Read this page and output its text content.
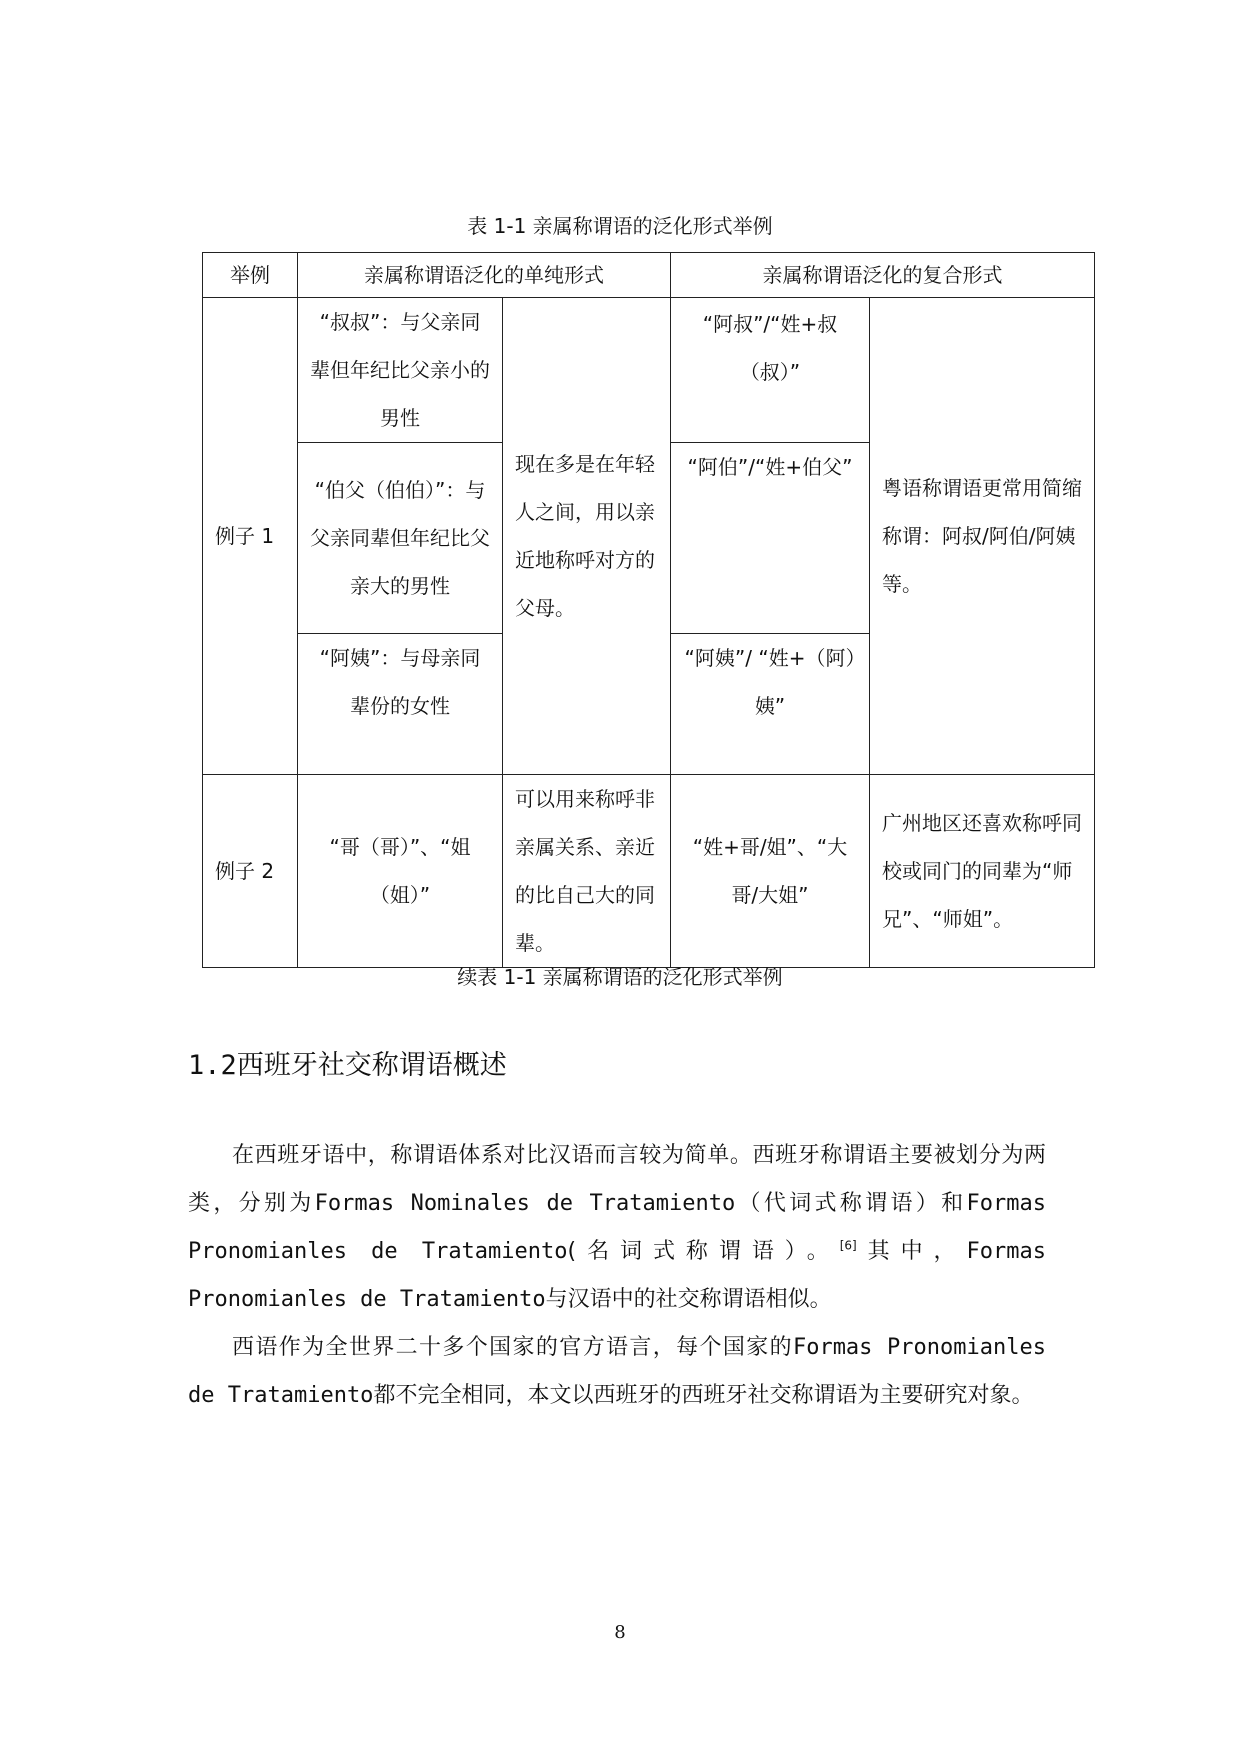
表 1-1 亲属称谓语的泛化形式举例
举例	亲属称谓语泛化的单纯形式		亲属称谓语泛化的复合形式	
例子 1	“叔叔”：与父亲同辈但年纪比父亲小的男性	现在多是在年轻人之间，用以亲近地称呼对方的父母。	“阿叔”/“姓+叔（叔）”	粤语称谓语更常用简缩称谓：阿叔/阿伯/阿姨等。
	“伯父（伯伯）”：与父亲同辈但年纪比父亲大的男性		“阿伯”/“姓+伯父”	
	“阿姨”：与母亲同辈份的女性		“阿姨”/ “姓+（阿）姨”	
例子 2	“哥（哥）”、“姐（姐）”	可以用来称呼非亲属关系、亲近的比自己大的同辈。	“姓+哥/姐”、“大哥/大姐”	广州地区还喜欢称呼同校或同门的同辈为“师兄”、“师姐”。
续表 1-1 亲属称谓语的泛化形式举例
1.2西班牙社交称谓语概述

在西班牙语中，称谓语体系对比汉语而言较为简单。西班牙称谓语主要被划分为两类，分别为Formas Nominales de Tratamiento（代词式称谓语）和Formas Pronomianles de Tratamiento(名词式称谓语）。[6]其中，Formas Pronomianles de Tratamiento与汉语中的社交称谓语相似。

西语作为全世界二十多个国家的官方语言，每个国家的Formas Pronomianles de Tratamiento都不完全相同，本文以西班牙的西班牙社交称谓语为主要研究对象。

8
